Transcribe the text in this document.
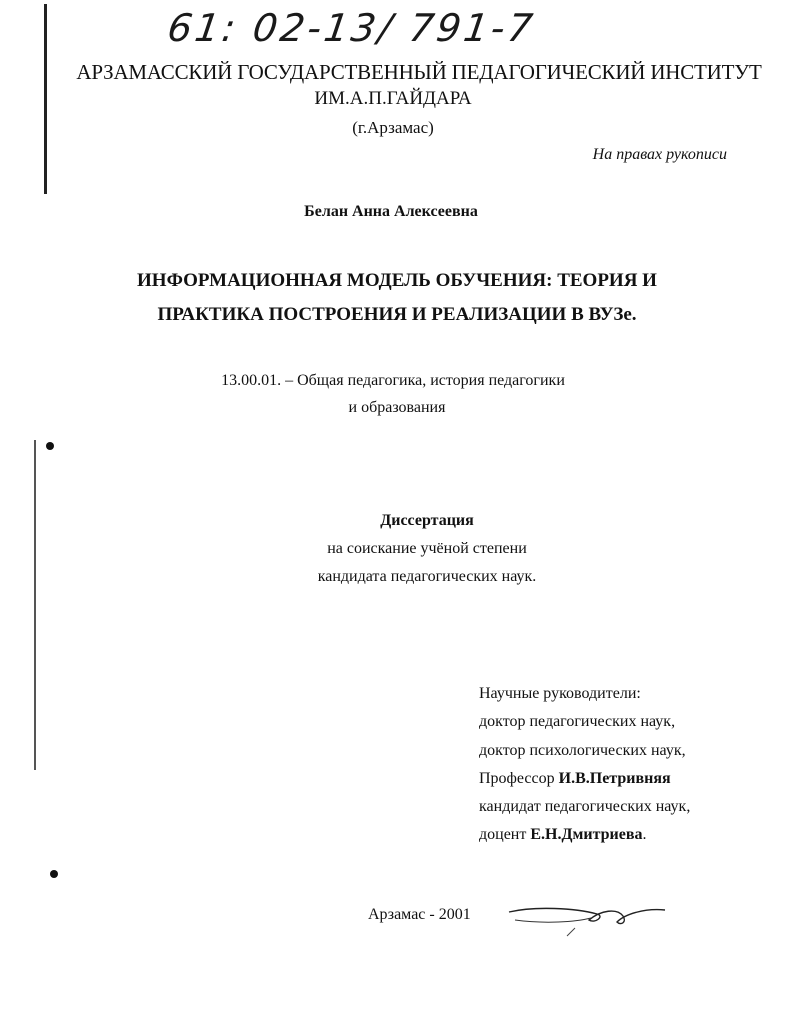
61: 02-13/ 791-7
АРЗАМАССКИЙ ГОСУДАРСТВЕННЫЙ ПЕДАГОГИЧЕСКИЙ ИНСТИТУТ
ИМ.А.П.ГАЙДАРА
(г.Арзамас)
На правах рукописи
Белан Анна Алексеевна
ИНФОРМАЦИОННАЯ МОДЕЛЬ ОБУЧЕНИЯ: ТЕОРИЯ И
ПРАКТИКА ПОСТРОЕНИЯ И РЕАЛИЗАЦИИ В ВУЗе.
13.00.01. – Общая педагогика, история педагогики
и образования
Диссертация
на соискание учёной степени
кандидата педагогических наук.
Научные руководители:
доктор педагогических наук,
доктор психологических наук,
Профессор И.В.Петривняя
кандидат педагогических наук,
доцент Е.Н.Дмитриева.
Арзамас - 2001
